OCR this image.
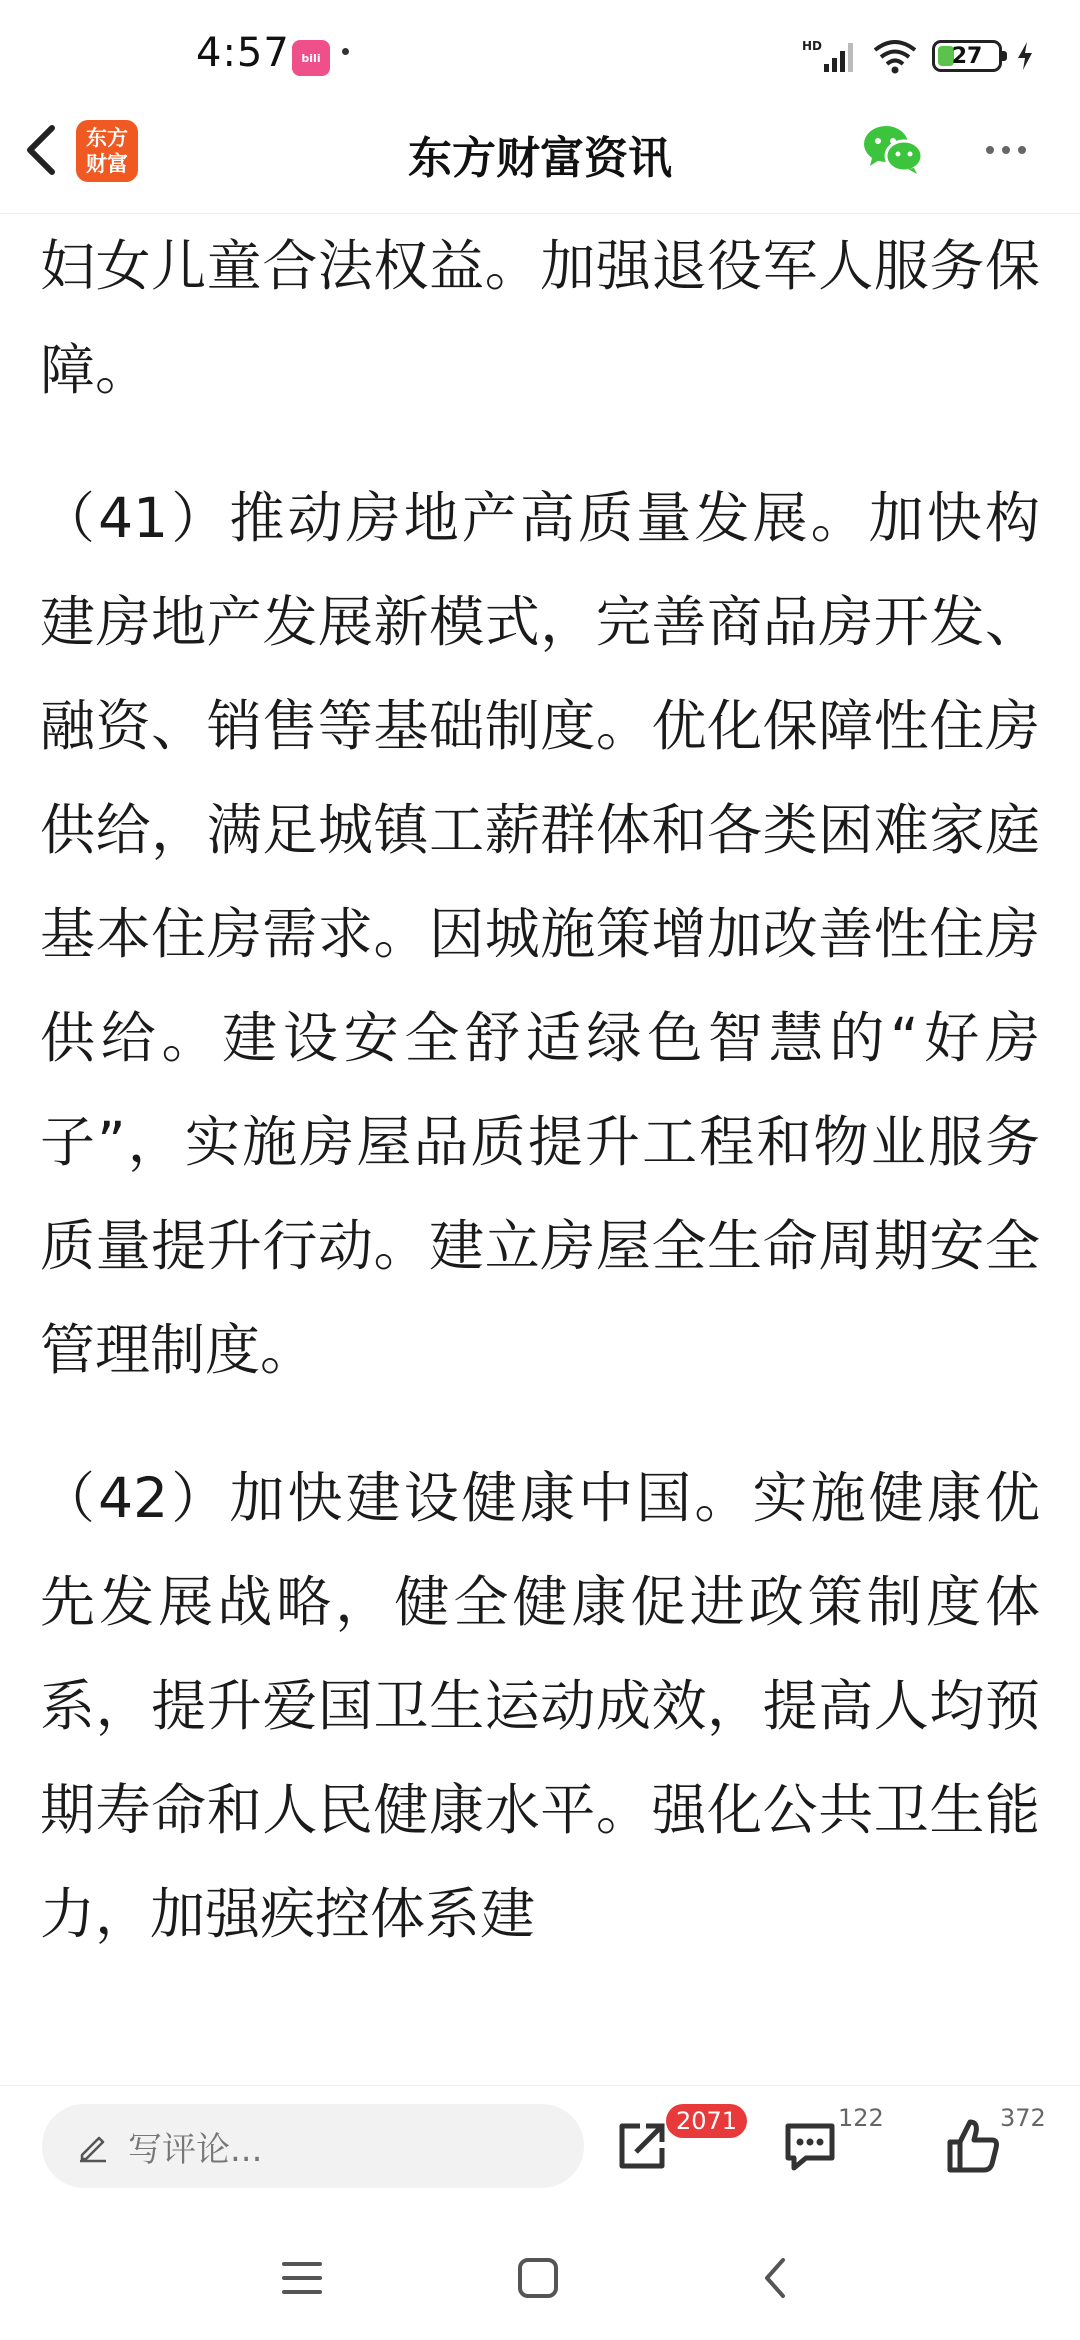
4:57	bili
HD	27
东方
财富	东方财富资讯

妇女儿童合法权益。加强退役军人服务保障。

（41）推动房地产高质量发展。加快构建房地产发展新模式，完善商品房开发、融资、销售等基础制度。优化保障性住房供给，满足城镇工薪群体和各类困难家庭基本住房需求。因城施策增加改善性住房供给。建设安全舒适绿色智慧的“好房子”，实施房屋品质提升工程和物业服务质量提升行动。建立房屋全生命周期安全管理制度。

（42）加快建设健康中国。实施健康优先发展战略，健全健康促进政策制度体系，提升爱国卫生运动成效，提高人均预期寿命和人民健康水平。强化公共卫生能力，加强疾控体系建

写评论...
2071	122	372
